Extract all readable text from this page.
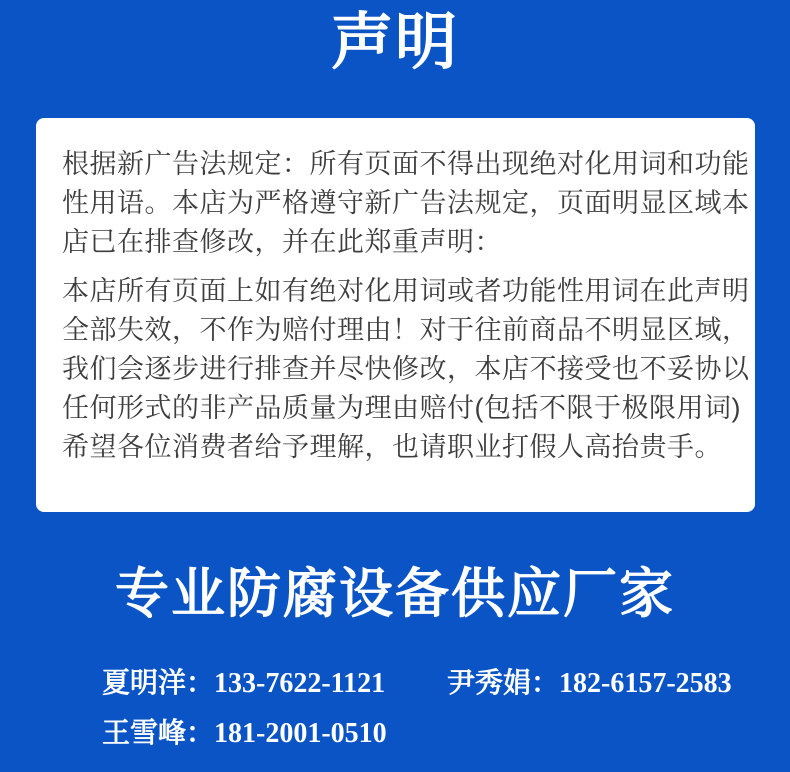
声明
根据新广告法规定：所有页面不得出现绝对化用词和功能
性用语。本店为严格遵守新广告法规定，页面明显区域本
店已在排查修改，并在此郑重声明：
本店所有页面上如有绝对化用词或者功能性用词在此声明
全部失效，不作为赔付理由！对于往前商品不明显区域，
我们会逐步进行排查并尽快修改，本店不接受也不妥协以
任何形式的非产品质量为理由赔付(包括不限于极限用词)
希望各位消费者给予理解，也请职业打假人高抬贵手。
专业防腐设备供应厂家
夏明洋：133-7622-1121 尹秀娟：182-6157-2583
王雪峰：181-2001-0510
